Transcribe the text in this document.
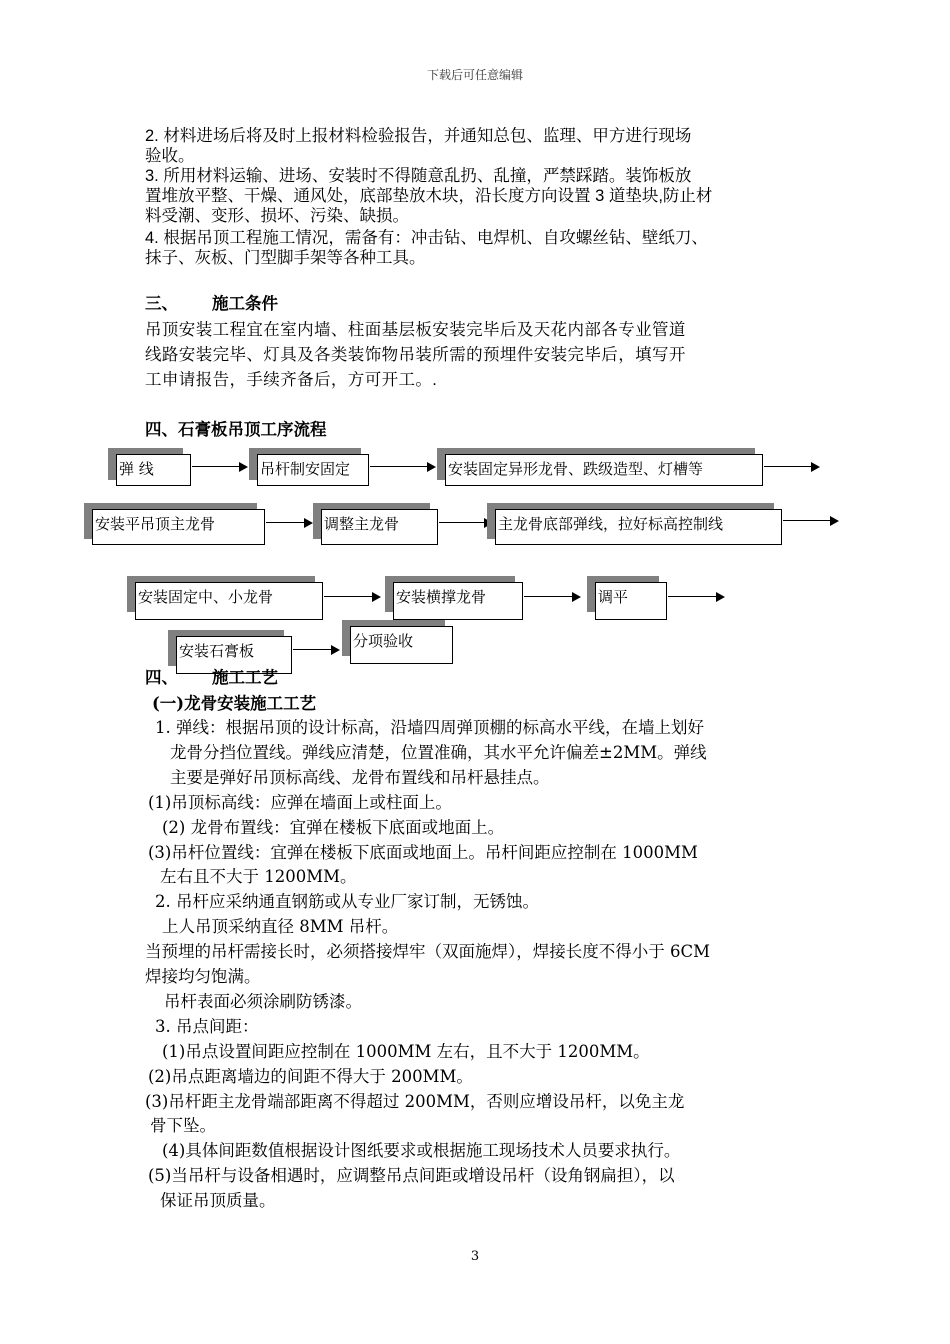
下载后可任意编辑
2. 材料进场后将及时上报材料检验报告，并通知总包、监理、甲方进行现场
验收。
3. 所用材料运输、进场、安装时不得随意乱扔、乱撞，严禁踩踏。装饰板放
置堆放平整、干燥、通风处，底部垫放木块，沿长度方向设置 3 道垫块,防止材
料受潮、变形、损坏、污染、缺损。
4. 根据吊顶工程施工情况，需备有：冲击钻、电焊机、自攻螺丝钻、壁纸刀、
抹子、灰板、门型脚手架等各种工具。
三、 施工条件
吊顶安装工程宜在室内墙、柱面基层板安装完毕后及天花内部各专业管道
线路安装完毕、灯具及各类装饰物吊装所需的预埋件安装完毕后，填写开
工申请报告，手续齐备后，方可开工。.
四、石膏板吊顶工序流程
弹 线	吊杆制安固定	安装固定异形龙骨、跌级造型、灯槽等
安装平吊顶主龙骨	调整主龙骨	主龙骨底部弹线，拉好标高控制线
安装固定中、小龙骨	安装横撑龙骨	调平
安装石膏板
分项验收
四、 施工工艺
(一)龙骨安装施工工艺
1. 弹线：根据吊顶的设计标高，沿墙四周弹顶棚的标高水平线，在墙上划好
龙骨分挡位置线。弹线应清楚，位置准确，其水平允许偏差±2MM。弹线
主要是弹好吊顶标高线、龙骨布置线和吊杆悬挂点。
(1)吊顶标高线：应弹在墙面上或柱面上。
(2) 龙骨布置线：宜弹在楼板下底面或地面上。
(3)吊杆位置线：宜弹在楼板下底面或地面上。吊杆间距应控制在 1000MM
左右且不大于 1200MM。
2. 吊杆应采纳通直钢筋或从专业厂家订制，无锈蚀。
上人吊顶采纳直径 8MM 吊杆。
当预埋的吊杆需接长时，必须搭接焊牢（双面施焊），焊接长度不得小于 6CM
焊接均匀饱满。
吊杆表面必须涂刷防锈漆。
3. 吊点间距：
(1)吊点设置间距应控制在 1000MM 左右，且不大于 1200MM。
(2)吊点距离墙边的间距不得大于 200MM。
(3)吊杆距主龙骨端部距离不得超过 200MM，否则应增设吊杆，以免主龙
骨下坠。
(4)具体间距数值根据设计图纸要求或根据施工现场技术人员要求执行。
(5)当吊杆与设备相遇时，应调整吊点间距或增设吊杆（设角钢扁担），以
保证吊顶质量。
3
